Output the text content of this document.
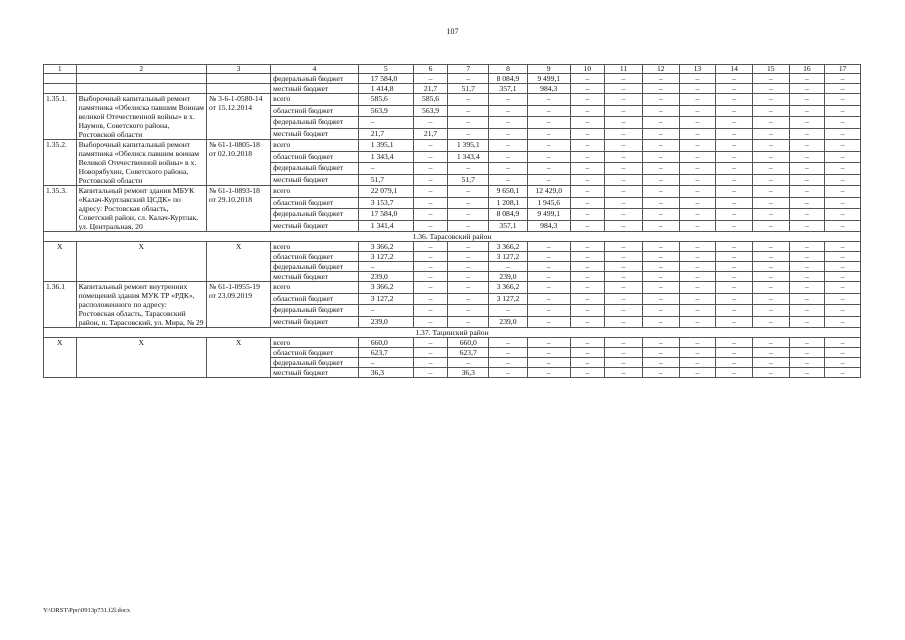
107
1	2	3	4	5	6	7	8	9	10	11	12	13	14	15	16	17
			федеральный бюджет	17 584,0	–	–	8 084,9	9 499,1	–	–	–	–	–	–	–	–
			местный бюджет	1 414,8	21,7	51,7	357,1	984,3	–	–	–	–	–	–	–	–
1.35.1.	Выборочный капитальный ремонт памятника «Обелиска павшим Воинам великой Отечественной войны» в х. Наумов, Советского района, Ростовской области	№ 3-6-1-0580-14 от 15.12.2014	всего	585,6	585,6	–	–	–	–	–	–	–	–	–	–	–
			областной бюджет	563,9	563,9	–	–	–	–	–	–	–	–	–	–	–
			федеральный бюджет	–	–	–	–	–	–	–	–	–	–	–	–	–
			местный бюджет	21,7	21,7	–	–	–	–	–	–	–	–	–	–	–
1.35.2.	Выборочный капитальный ремонт памятника «Обелиск павшим воинам Великой Отечественной войны» в х. Новорябухин, Советского района, Ростовской области	№ 61-1-0805-18 от 02.10.2018	всего	1 395,1	–	1 395,1	–	–	–	–	–	–	–	–	–	–
			областной бюджет	1 343,4	–	1 343,4	–	–	–	–	–	–	–	–	–	–
			федеральный бюджет	–	–	–	–	–	–	–	–	–	–	–	–	–
			местный бюджет	51,7	–	51,7	–	–	–	–	–	–	–	–	–	–
1.35.3.	Капитальный ремонт здания МБУК «Калач-Куртлакский ЦСДК» по адресу: Ростовская область, Советский район, сл. Калач-Куртлак, ул. Центральная, 20	№ 61-1-0893-18 от 29.10.2018	всего	22 079,1	–	–	9 650,1	12 429,0	–	–	–	–	–	–	–	–
			областной бюджет	3 153,7	–	–	1 208,1	1 945,6	–	–	–	–	–	–	–	–
			федеральный бюджет	17 584,0	–	–	8 084,9	9 499,1	–	–	–	–	–	–	–	–
			местный бюджет	1 341,4	–	–	357,1	984,3	–	–	–	–	–	–	–	–
1.36. Тарасовский район																
X	X	X	всего	3 366,2	–	–	3 366,2	–	–	–	–	–	–	–	–	–
			областной бюджет	3 127,2	–	–	3 127,2	–	–	–	–	–	–	–	–	–
			федеральный бюджет	–	–	–	–	–	–	–	–	–	–	–	–	–
			местный бюджет	239,0	–	–	239,0	–	–	–	–	–	–	–	–	–
1.36.1	Капитальный ремонт внутренних помещений здания МУК ТР «РДК», расположенного по адресу: Ростовская область, Тарасовский район, п. Тарасовский, ул. Мира, № 29	№ 61-1-0955-19 от 23.09.2019	всего	3 366,2	–	–	3 366,2	–	–	–	–	–	–	–	–	–
			областной бюджет	3 127,2	–	–	3 127,2	–	–	–	–	–	–	–	–	–
			федеральный бюджет	–	–	–	–	–	–	–	–	–	–	–	–	–
			местный бюджет	239,0	–	–	239,0	–	–	–	–	–	–	–	–	–
1.37. Тацинский район																
X	X	X	всего	660,0	–	660,0	–	–	–	–	–	–	–	–	–	–
			областной бюджет	623,7	–	623,7	–	–	–	–	–	–	–	–	–	–
			федеральный бюджет	–	–	–	–	–	–	–	–	–	–	–	–	–
			местный бюджет	36,3	–	36,3	–	–	–	–	–	–	–	–	–	–
Y:\ORST\Ppo\0913p731.f2l.docx
